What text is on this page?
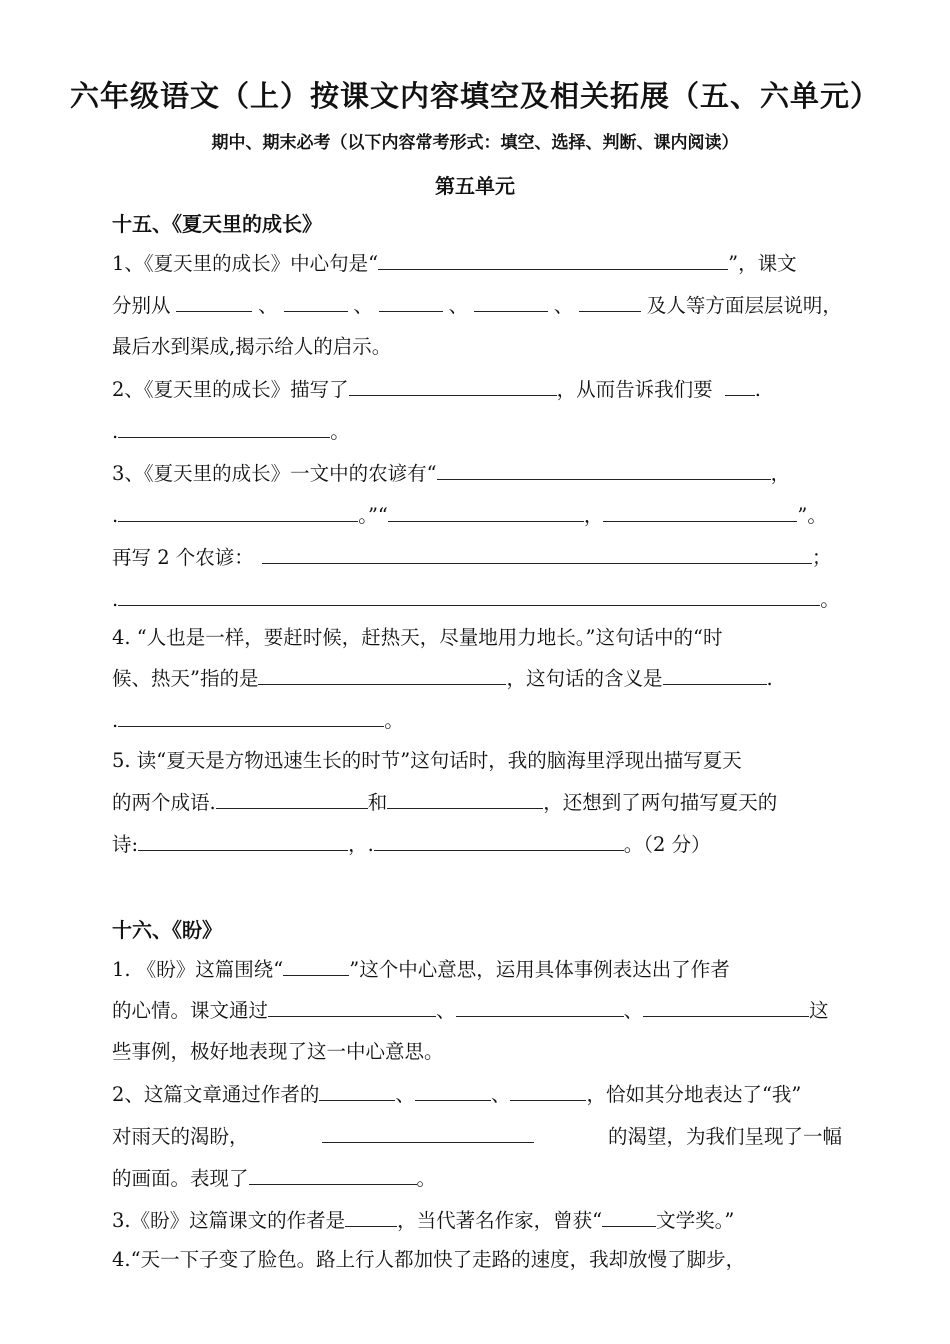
六年级语文（上）按课文内容填空及相关拓展（五、六单元）
期中、期末必考（以下内容常考形式：填空、选择、判断、课内阅读）
第五单元
十五、《夏天里的成长》
1、《夏天里的成长》中心句是“	”，课文
分别从	、	、	、	、	及人等方面层层说明，
最后水到渠成,揭示给人的启示。
2、《夏天里的成长》描写了	，从而告诉我们要 .
.	。
3、《夏天里的成长》一文中的农谚有“	，
.	。”“	，	”。
再写 2 个农谚：	；
.	。
4. “人也是一样，要赶时候，赶热天，尽量地用力地长。”这句话中的“时
候、热天”指的是	，这句话的含义是	.
.	。
5. 读“夏天是方物迅速生长的时节”这句话时，我的脑海里浮现出描写夏天
的两个成语.	和	，还想到了两句描写夏天的
诗:	，.	。（2 分）
十六、《盼》
1. 《盼》这篇围绕“	”这个中心意思，运用具体事例表达出了作者
的心情。课文通过	、	、	这
些事例，极好地表现了这一中心意思。
2、这篇文章通过作者的	、	、	，恰如其分地表达了“我”
对雨天的渴盼，	的渴望，为我们呈现了一幅
的画面。表现了	。
3.《盼》这篇课文的作者是	，当代著名作家，曾获“	文学奖。”
4.“天一下子变了脸色。路上行人都加快了走路的速度，我却放慢了脚步，
